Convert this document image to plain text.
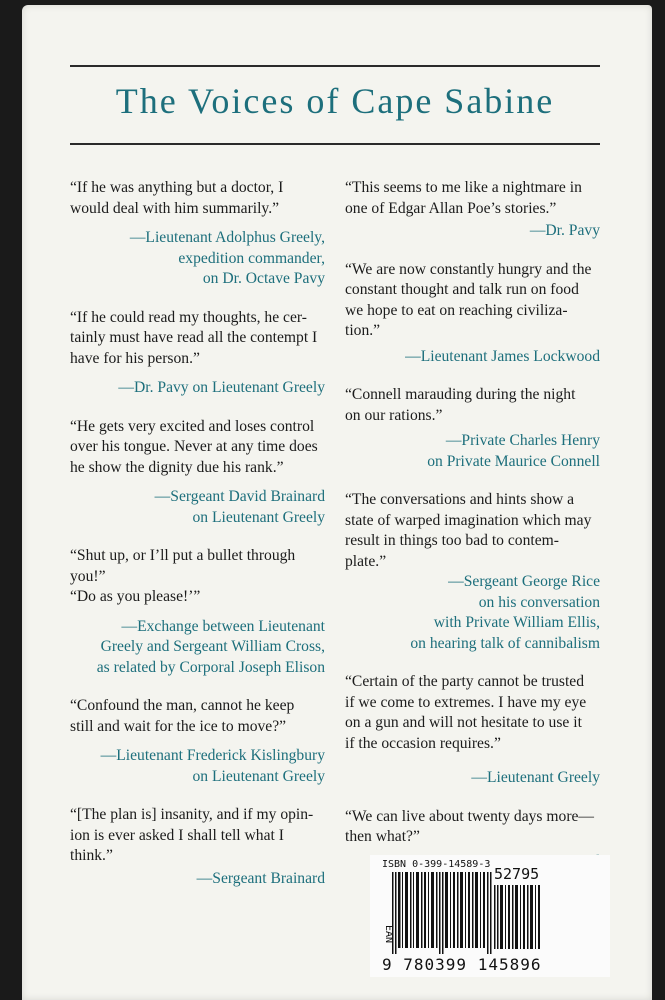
The Voices of Cape Sabine

“If he was anything but a doctor, I
would deal with him summarily.”

—Lieutenant Adolphus Greely,
expedition commander,
on Dr. Octave Pavy

“If he could read my thoughts, he cer-
tainly must have read all the contempt I
have for his person.”

—Dr. Pavy on Lieutenant Greely

“He gets very excited and loses control
over his tongue. Never at any time does
he show the dignity due his rank.”

—Sergeant David Brainard
on Lieutenant Greely

“Shut up, or I’ll put a bullet through
you!”
“Do as you please!’”

—Exchange between Lieutenant
Greely and Sergeant William Cross,
as related by Corporal Joseph Elison

“Confound the man, cannot he keep
still and wait for the ice to move?”

—Lieutenant Frederick Kislingbury
on Lieutenant Greely

“[The plan is] insanity, and if my opin-
ion is ever asked I shall tell what I
think.”

—Sergeant Brainard

“This seems to me like a nightmare in
one of Edgar Allan Poe’s stories.”

—Dr. Pavy

“We are now constantly hungry and the
constant thought and talk run on food
we hope to eat on reaching civiliza-
tion.”

—Lieutenant James Lockwood

“Connell marauding during the night
on our rations.”

—Private Charles Henry
on Private Maurice Connell

“The conversations and hints show a
state of warped imagination which may
result in things too bad to contem-
plate.”

—Sergeant George Rice
on his conversation
with Private William Ellis,
on hearing talk of cannibalism

“Certain of the party cannot be trusted
if we come to extremes. I have my eye
on a gun and will not hesitate to use it
if the occasion requires.”

—Lieutenant Greely

“We can live about twenty days more—
then what?”

ISBN 0-399-14589-3
52795
EAN
9 780399 145896
